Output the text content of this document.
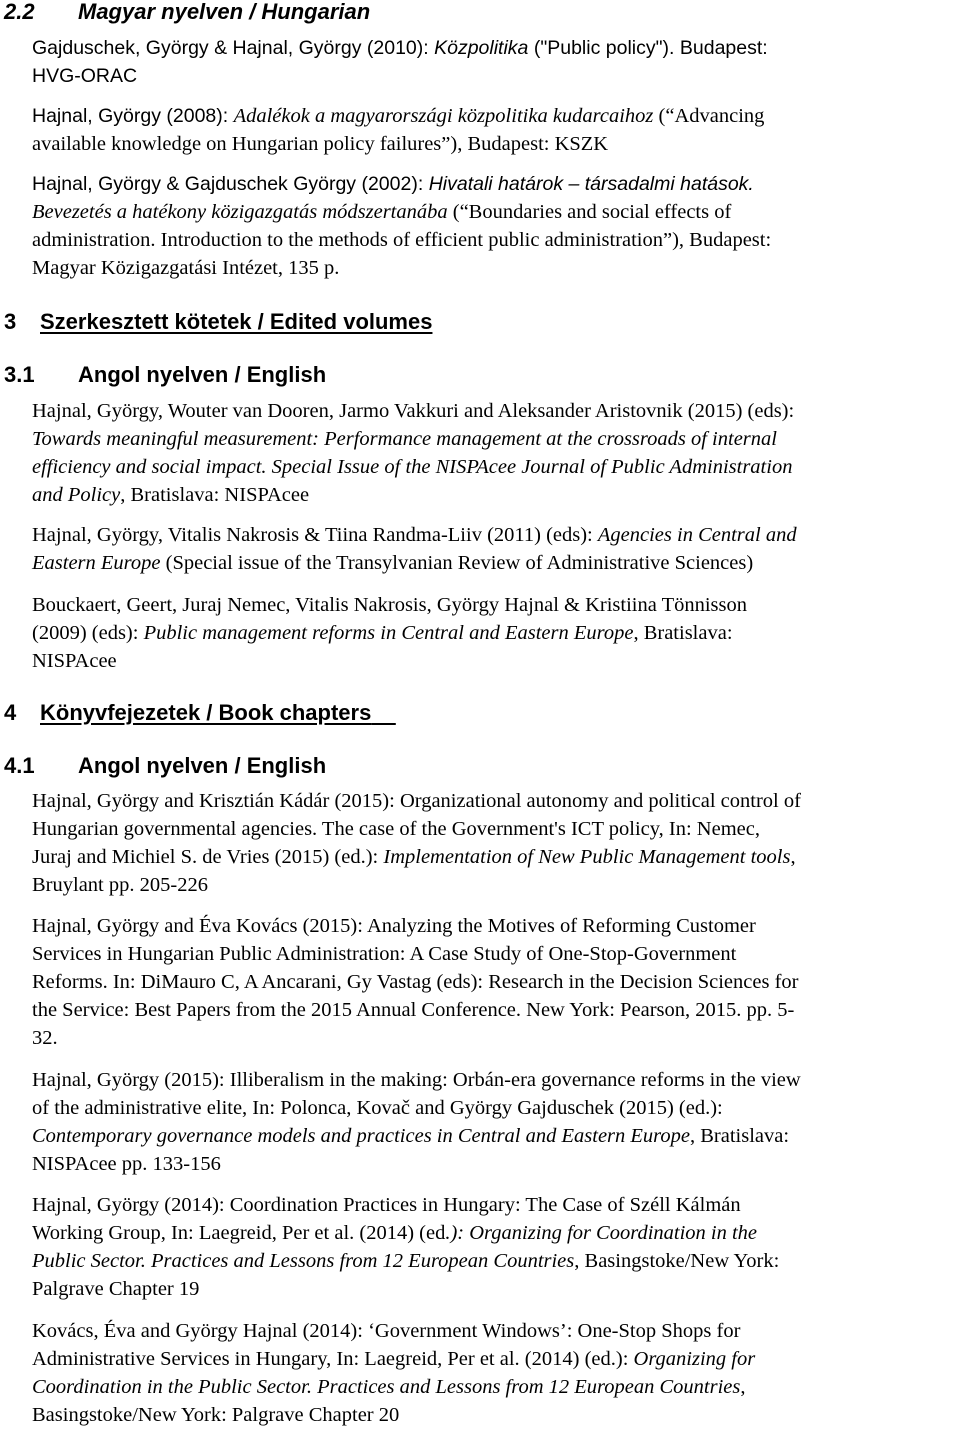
2.2 Magyar nyelven / Hungarian
Gajduschek, György & Hajnal, György (2010): Közpolitika ("Public policy"). Budapest:
HVG-ORAC
Hajnal, György (2008): Adalékok a magyarországi közpolitika kudarcaihoz (“Advancing
available knowledge on Hungarian policy failures”), Budapest: KSZK
Hajnal, György & Gajduschek György (2002): Hivatali határok – társadalmi hatások.
Bevezetés a hatékony közigazgatás módszertanába (“Boundaries and social effects of
administration. Introduction to the methods of efficient public administration”), Budapest:
Magyar Közigazgatási Intézet, 135 p.
3 Szerkesztett kötetek / Edited volumes
3.1 Angol nyelven / English
Hajnal, György, Wouter van Dooren, Jarmo Vakkuri and Aleksander Aristovnik (2015) (eds):
Towards meaningful measurement: Performance management at the crossroads of internal
efficiency and social impact. Special Issue of the NISPAcee Journal of Public Administration
and Policy, Bratislava: NISPAcee
Hajnal, György, Vitalis Nakrosis & Tiina Randma-Liiv (2011) (eds): Agencies in Central and
Eastern Europe (Special issue of the Transylvanian Review of Administrative Sciences)
Bouckaert, Geert, Juraj Nemec, Vitalis Nakrosis, György Hajnal & Kristiina Tönnisson
(2009) (eds): Public management reforms in Central and Eastern Europe, Bratislava:
NISPAcee
4 Könyvfejezetek / Book chapters
4.1 Angol nyelven / English
Hajnal, György and Krisztián Kádár (2015): Organizational autonomy and political control of
Hungarian governmental agencies. The case of the Government's ICT policy, In: Nemec,
Juraj and Michiel S. de Vries (2015) (ed.): Implementation of New Public Management tools,
Bruylant pp. 205-226
Hajnal, György and Éva Kovács (2015): Analyzing the Motives of Reforming Customer
Services in Hungarian Public Administration: A Case Study of One-Stop-Government
Reforms. In: DiMauro C, A Ancarani, Gy Vastag (eds): Research in the Decision Sciences for
the Service: Best Papers from the 2015 Annual Conference. New York: Pearson, 2015. pp. 5-
32.
Hajnal, György (2015): Illiberalism in the making: Orbán-era governance reforms in the view
of the administrative elite, In: Polonca, Kovač and György Gajduschek (2015) (ed.):
Contemporary governance models and practices in Central and Eastern Europe, Bratislava:
NISPAcee pp. 133-156
Hajnal, György (2014): Coordination Practices in Hungary: The Case of Széll Kálmán
Working Group, In: Laegreid, Per et al. (2014) (ed.): Organizing for Coordination in the
Public Sector. Practices and Lessons from 12 European Countries, Basingstoke/New York:
Palgrave Chapter 19
Kovács, Éva and György Hajnal (2014): ‘Government Windows’: One-Stop Shops for
Administrative Services in Hungary, In: Laegreid, Per et al. (2014) (ed.): Organizing for
Coordination in the Public Sector. Practices and Lessons from 12 European Countries,
Basingstoke/New York: Palgrave Chapter 20
